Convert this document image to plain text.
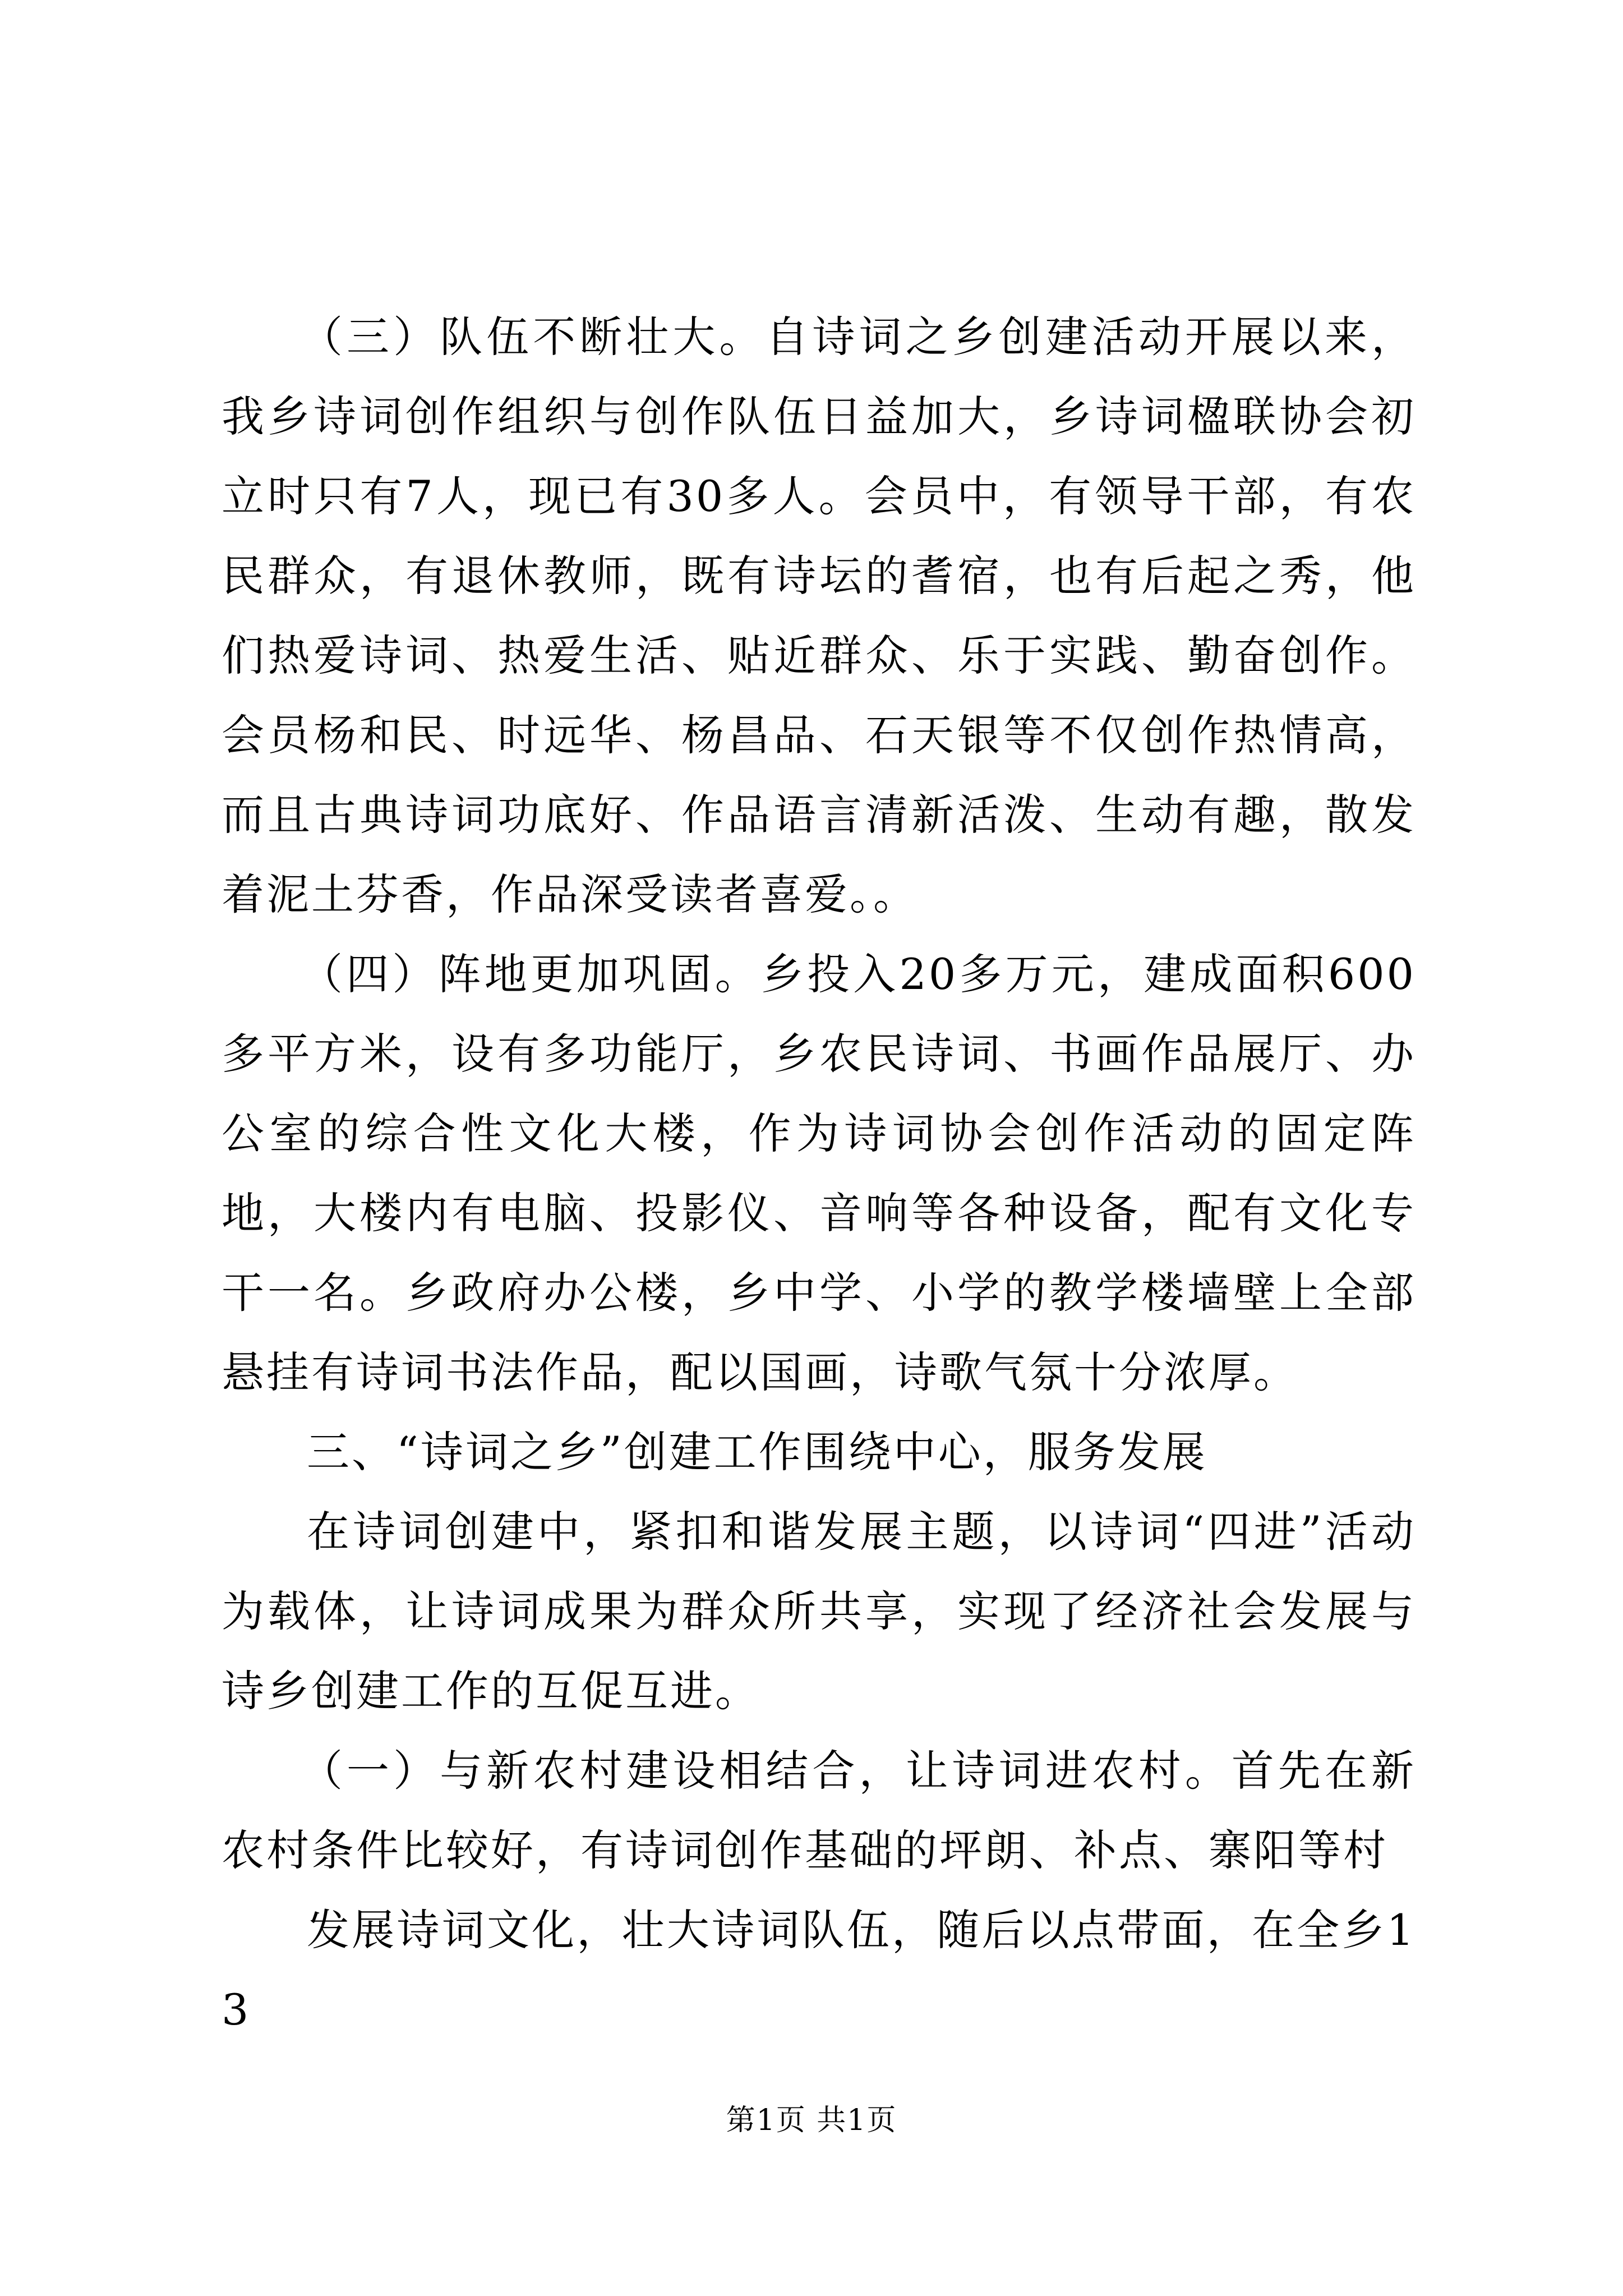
（三）队伍不断壮大。自诗词之乡创建活动开展以来，我乡诗词创作组织与创作队伍日益加大，乡诗词楹联协会初立时只有7人，现已有30多人。会员中，有领导干部，有农民群众，有退休教师，既有诗坛的耆宿，也有后起之秀，他们热爱诗词、热爱生活、贴近群众、乐于实践、勤奋创作。会员杨和民、时远华、杨昌品、石天银等不仅创作热情高，而且古典诗词功底好、作品语言清新活泼、生动有趣，散发着泥土芬香，作品深受读者喜爱。。

（四）阵地更加巩固。乡投入20多万元，建成面积600多平方米，设有多功能厅，乡农民诗词、书画作品展厅、办公室的综合性文化大楼，作为诗词协会创作活动的固定阵地，大楼内有电脑、投影仪、音响等各种设备，配有文化专干一名。乡政府办公楼，乡中学、小学的教学楼墙壁上全部悬挂有诗词书法作品，配以国画，诗歌气氛十分浓厚。

三、“诗词之乡”创建工作围绕中心，服务发展

在诗词创建中，紧扣和谐发展主题，以诗词“四进”活动为载体，让诗词成果为群众所共享，实现了经济社会发展与诗乡创建工作的互促互进。

（一）与新农村建设相结合，让诗词进农村。首先在新农村条件比较好，有诗词创作基础的坪朗、补点、寨阳等村

发展诗词文化，壮大诗词队伍，随后以点带面，在全乡13

第1页 共1页
